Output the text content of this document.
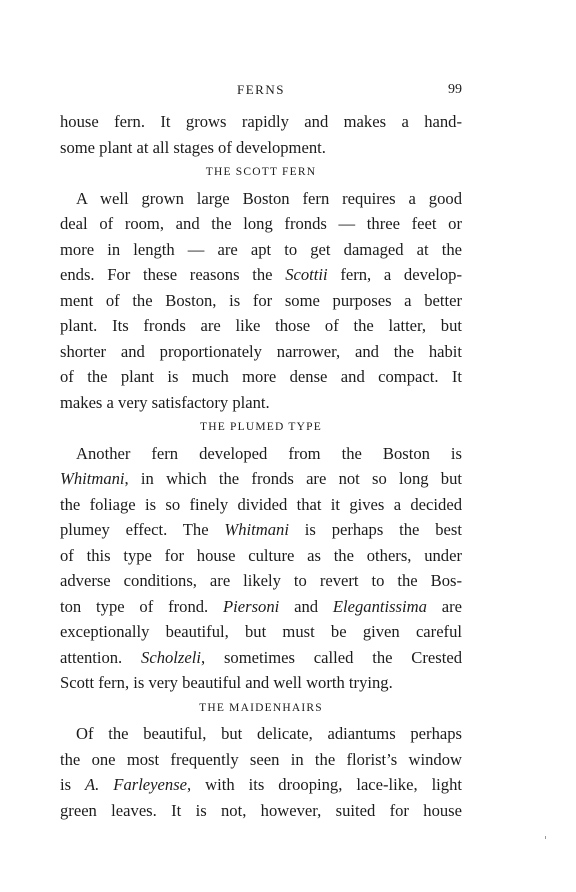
FERNS	99
house fern. It grows rapidly and makes a hand-
some plant at all stages of development.
THE SCOTT FERN
A well grown large Boston fern requires a good
deal of room, and the long fronds — three feet or
more in length — are apt to get damaged at the
ends. For these reasons the Scottii fern, a develop-
ment of the Boston, is for some purposes a better
plant. Its fronds are like those of the latter, but
shorter and proportionately narrower, and the habit
of the plant is much more dense and compact. It
makes a very satisfactory plant.
THE PLUMED TYPE
Another fern developed from the Boston is
Whitmani, in which the fronds are not so long but
the foliage is so finely divided that it gives a decided
plumey effect. The Whitmani is perhaps the best
of this type for house culture as the others, under
adverse conditions, are likely to revert to the Bos-
ton type of frond. Piersoni and Elegantissima are
exceptionally beautiful, but must be given careful
attention. Scholzeli, sometimes called the Crested
Scott fern, is very beautiful and well worth trying.
THE MAIDENHAIRS
Of the beautiful, but delicate, adiantums perhaps
the one most frequently seen in the florist’s window
is A. Farleyense, with its drooping, lace-like, light
green leaves. It is not, however, suited for house
